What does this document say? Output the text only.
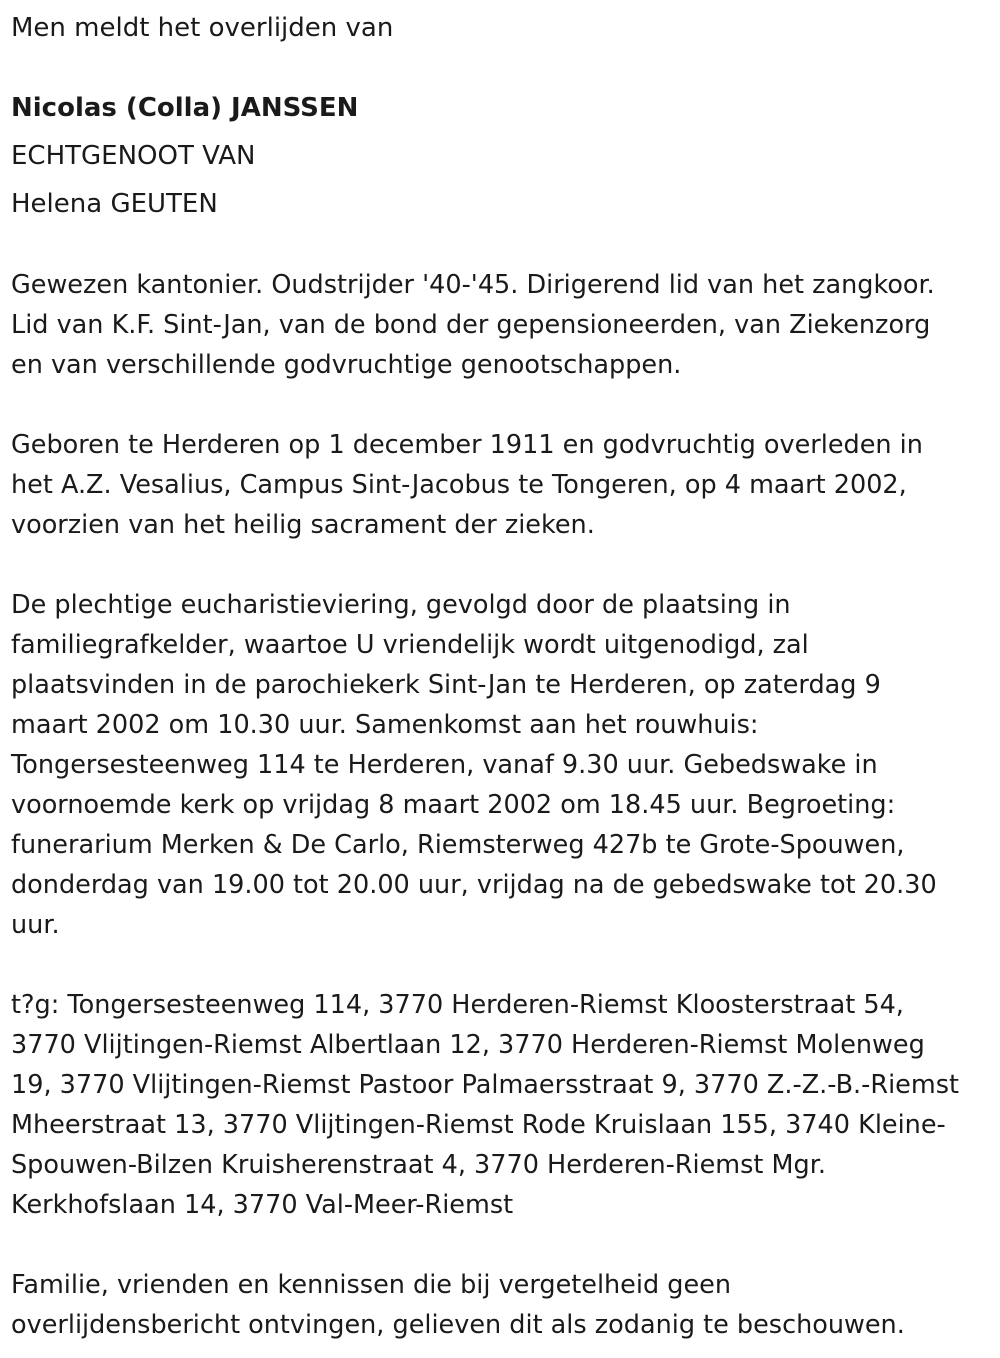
Men meldt het overlijden van

Nicolas (Colla) JANSSEN

ECHTGENOOT VAN

Helena GEUTEN

Gewezen kantonier. Oudstrijder '40-'45. Dirigerend lid van het zangkoor.
Lid van K.F. Sint-Jan, van de bond der gepensioneerden, van Ziekenzorg
en van verschillende godvruchtige genootschappen.

Geboren te Herderen op 1 december 1911 en godvruchtig overleden in
het A.Z. Vesalius, Campus Sint-Jacobus te Tongeren, op 4 maart 2002,
voorzien van het heilig sacrament der zieken.

De plechtige eucharistieviering, gevolgd door de plaatsing in
familiegrafkelder, waartoe U vriendelijk wordt uitgenodigd, zal
plaatsvinden in de parochiekerk Sint-Jan te Herderen, op zaterdag 9
maart 2002 om 10.30 uur. Samenkomst aan het rouwhuis:
Tongersesteenweg 114 te Herderen, vanaf 9.30 uur. Gebedswake in
voornoemde kerk op vrijdag 8 maart 2002 om 18.45 uur. Begroeting:
funerarium Merken & De Carlo, Riemsterweg 427b te Grote-Spouwen,
donderdag van 19.00 tot 20.00 uur, vrijdag na de gebedswake tot 20.30
uur.

t?g: Tongersesteenweg 114, 3770 Herderen-Riemst Kloosterstraat 54,
3770 Vlijtingen-Riemst Albertlaan 12, 3770 Herderen-Riemst Molenweg
19, 3770 Vlijtingen-Riemst Pastoor Palmaersstraat 9, 3770 Z.-Z.-B.-Riemst
Mheerstraat 13, 3770 Vlijtingen-Riemst Rode Kruislaan 155, 3740 Kleine-
Spouwen-Bilzen Kruisherenstraat 4, 3770 Herderen-Riemst Mgr.
Kerkhofslaan 14, 3770 Val-Meer-Riemst

Familie, vrienden en kennissen die bij vergetelheid geen
overlijdensbericht ontvingen, gelieven dit als zodanig te beschouwen.
